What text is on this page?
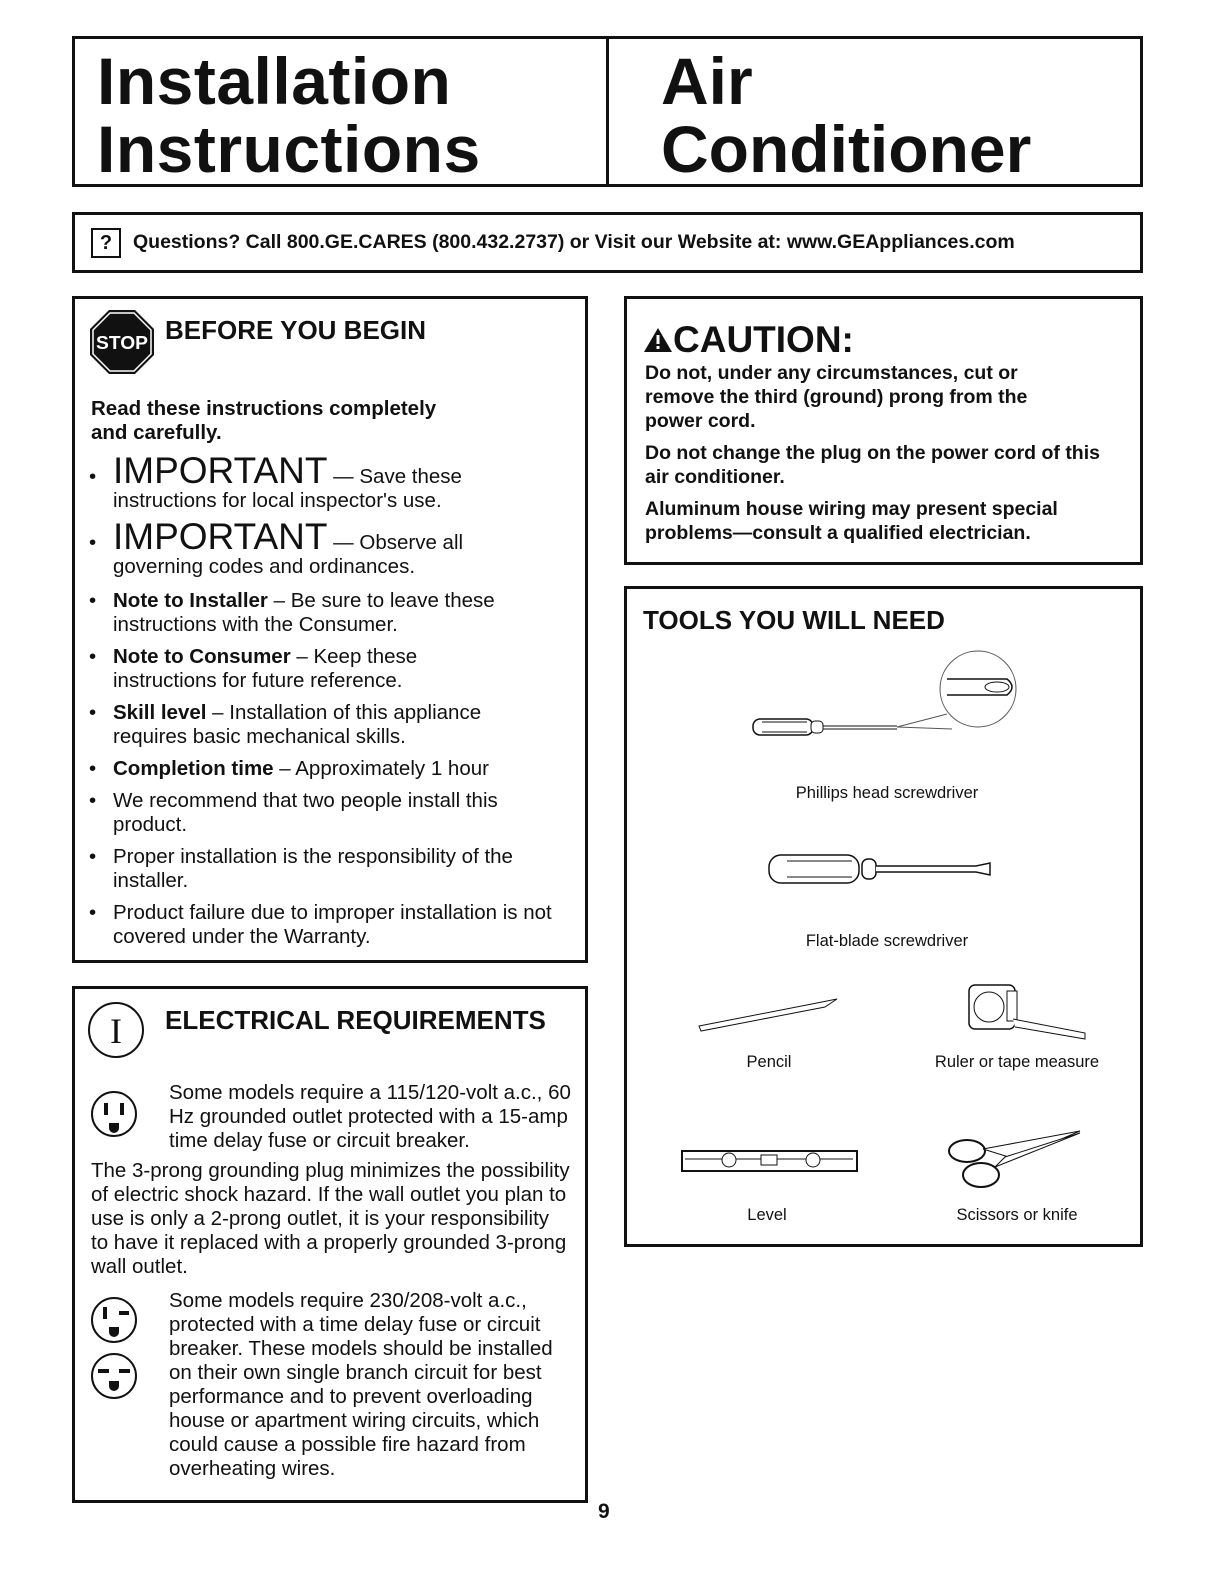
Installation
Instructions
Air Conditioner
?	Questions? Call 800.GE.CARES (800.432.2737) or Visit our Website at: www.GEAppliances.com
STOP BEFORE YOU BEGIN
Read these instructions completely
and carefully.
• IMPORTANT — Save these
instructions for local inspector's use.
• IMPORTANT — Observe all
governing codes and ordinances.
• Note to Installer – Be sure to leave these instructions with the Consumer.
• Note to Consumer – Keep these instructions for future reference.
• Skill level – Installation of this appliance requires basic mechanical skills.
• Completion time – Approximately 1 hour
• We recommend that two people install this product.
• Proper installation is the responsibility of the installer.
• Product failure due to improper installation is not covered under the Warranty.
I ELECTRICAL REQUIREMENTS
Some models require a 115/120-volt a.c., 60 Hz grounded outlet protected with a 15-amp time delay fuse or circuit breaker.
The 3-prong grounding plug minimizes the possibility of electric shock hazard. If the wall outlet you plan to use is only a 2-prong outlet, it is your responsibility to have it replaced with a properly grounded 3-prong wall outlet.
Some models require 230/208-volt a.c., protected with a time delay fuse or circuit breaker. These models should be installed on their own single branch circuit for best performance and to prevent overloading house or apartment wiring circuits, which could cause a possible fire hazard from overheating wires.
CAUTION:
Do not, under any circumstances, cut or remove the third (ground) prong from the power cord.
Do not change the plug on the power cord of this air conditioner.
Aluminum house wiring may present special problems—consult a qualified electrician.
TOOLS YOU WILL NEED
Phillips head screwdriver
Flat-blade screwdriver
Pencil	Ruler or tape measure
Level	Scissors or knife
9
